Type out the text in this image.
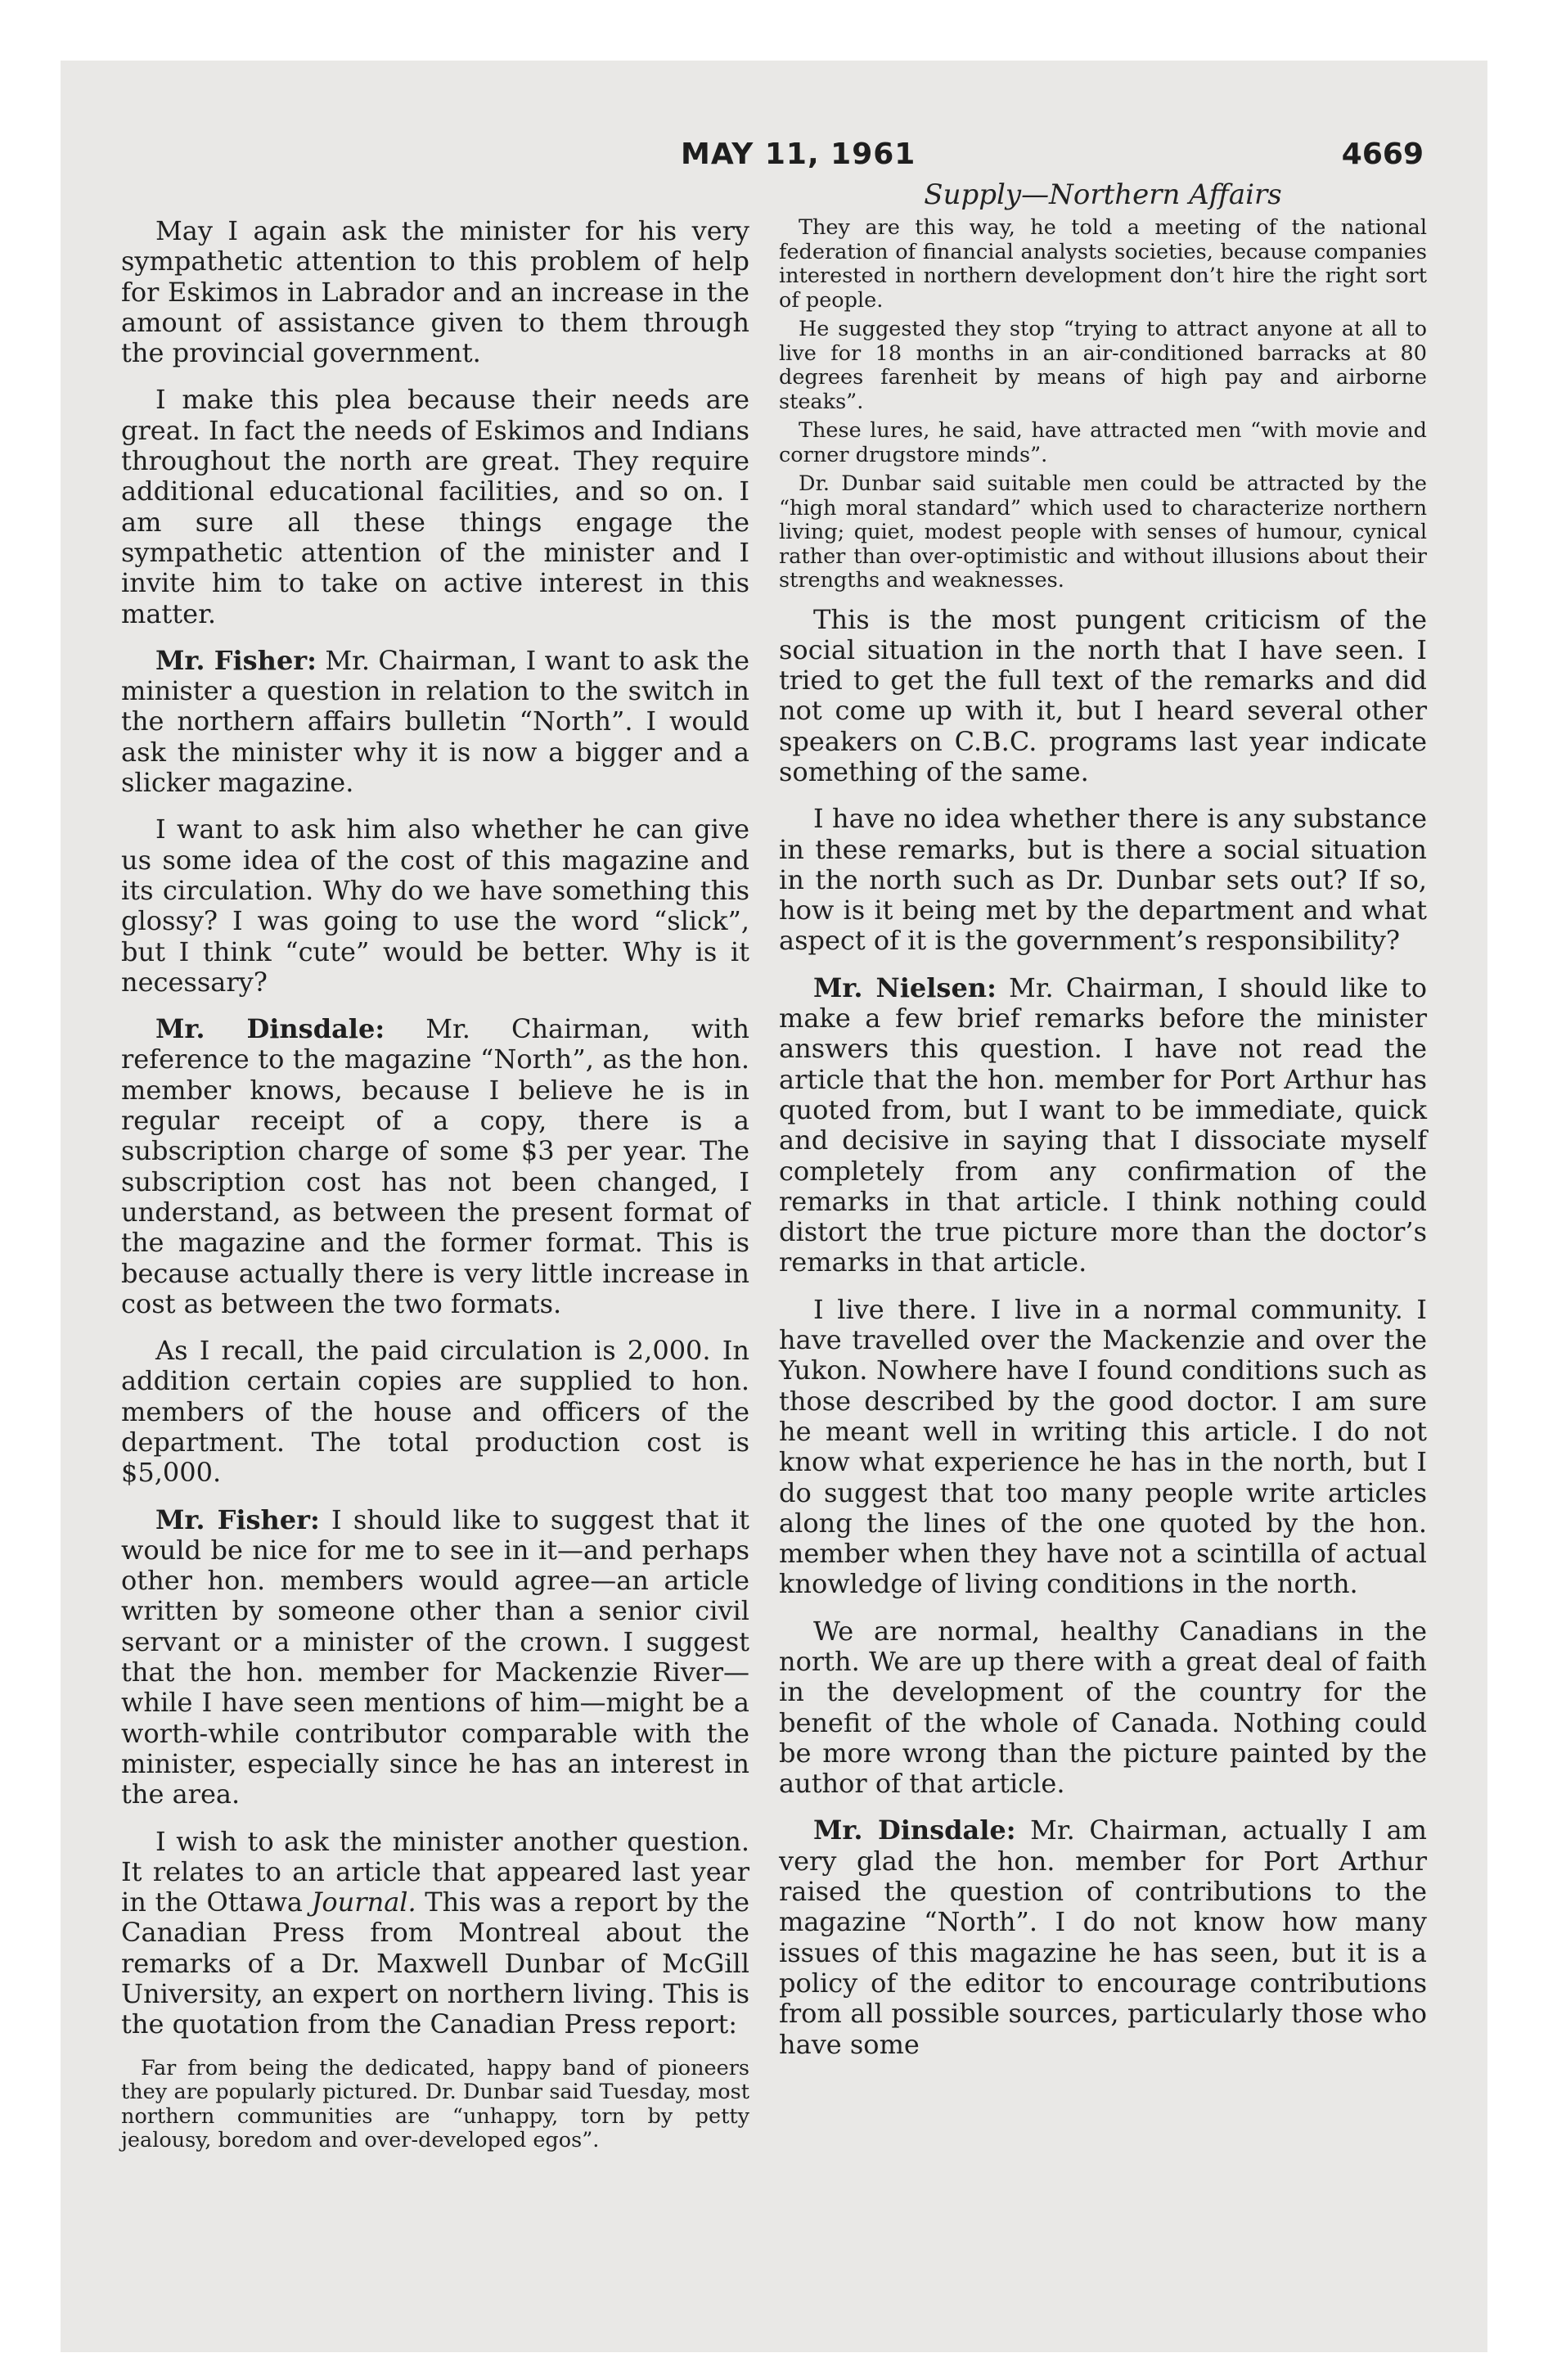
MAY 11, 1961	4669
Supply—Northern Affairs

May I again ask the minister for his very sympathetic attention to this problem of help for Eskimos in Labrador and an increase in the amount of assistance given to them through the provincial government.

I make this plea because their needs are great. In fact the needs of Eskimos and Indians throughout the north are great. They require additional educational facilities, and so on. I am sure all these things engage the sympathetic attention of the minister and I invite him to take on active interest in this matter.

Mr. Fisher: Mr. Chairman, I want to ask the minister a question in relation to the switch in the northern affairs bulletin “North”. I would ask the minister why it is now a bigger and a slicker magazine.

I want to ask him also whether he can give us some idea of the cost of this magazine and its circulation. Why do we have something this glossy? I was going to use the word “slick”, but I think “cute” would be better. Why is it necessary?

Mr. Dinsdale: Mr. Chairman, with reference to the magazine “North”, as the hon. member knows, because I believe he is in regular receipt of a copy, there is a subscription charge of some $3 per year. The subscription cost has not been changed, I understand, as between the present format of the magazine and the former format. This is because actually there is very little increase in cost as between the two formats.

As I recall, the paid circulation is 2,000. In addition certain copies are supplied to hon. members of the house and officers of the department. The total production cost is $5,000.

Mr. Fisher: I should like to suggest that it would be nice for me to see in it—and perhaps other hon. members would agree—an article written by someone other than a senior civil servant or a minister of the crown. I suggest that the hon. member for Mackenzie River—while I have seen mentions of him—might be a worth-while contributor comparable with the minister, especially since he has an interest in the area.

I wish to ask the minister another question. It relates to an article that appeared last year in the Ottawa Journal. This was a report by the Canadian Press from Montreal about the remarks of a Dr. Maxwell Dunbar of McGill University, an expert on northern living. This is the quotation from the Canadian Press report:

Far from being the dedicated, happy band of pioneers they are popularly pictured. Dr. Dunbar said Tuesday, most northern communities are “unhappy, torn by petty jealousy, boredom and over-developed egos”.

They are this way, he told a meeting of the national federation of financial analysts societies, because companies interested in northern development don’t hire the right sort of people.

He suggested they stop “trying to attract anyone at all to live for 18 months in an air-conditioned barracks at 80 degrees farenheit by means of high pay and airborne steaks”.

These lures, he said, have attracted men “with movie and corner drugstore minds”.

Dr. Dunbar said suitable men could be attracted by the “high moral standard” which used to characterize northern living; quiet, modest people with senses of humour, cynical rather than over-optimistic and without illusions about their strengths and weaknesses.

This is the most pungent criticism of the social situation in the north that I have seen. I tried to get the full text of the remarks and did not come up with it, but I heard several other speakers on C.B.C. programs last year indicate something of the same.

I have no idea whether there is any substance in these remarks, but is there a social situation in the north such as Dr. Dunbar sets out? If so, how is it being met by the department and what aspect of it is the government’s responsibility?

Mr. Nielsen: Mr. Chairman, I should like to make a few brief remarks before the minister answers this question. I have not read the article that the hon. member for Port Arthur has quoted from, but I want to be immediate, quick and decisive in saying that I dissociate myself completely from any confirmation of the remarks in that article. I think nothing could distort the true picture more than the doctor’s remarks in that article.

I live there. I live in a normal community. I have travelled over the Mackenzie and over the Yukon. Nowhere have I found conditions such as those described by the good doctor. I am sure he meant well in writing this article. I do not know what experience he has in the north, but I do suggest that too many people write articles along the lines of the one quoted by the hon. member when they have not a scintilla of actual knowledge of living conditions in the north.

We are normal, healthy Canadians in the north. We are up there with a great deal of faith in the development of the country for the benefit of the whole of Canada. Nothing could be more wrong than the picture painted by the author of that article.

Mr. Dinsdale: Mr. Chairman, actually I am very glad the hon. member for Port Arthur raised the question of contributions to the magazine “North”. I do not know how many issues of this magazine he has seen, but it is a policy of the editor to encourage contributions from all possible sources, particularly those who have some
